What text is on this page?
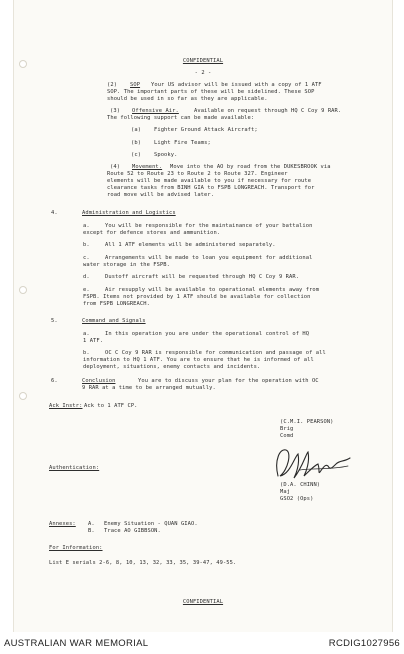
CONFIDENTIAL
- 2 -
(2) SOP Your US advisor will be issued with a copy of 1 ATF
SOP. The important parts of these will be sidelined. These SOP
should be used in so far as they are applicable.
(3) Offensive Air.	Available on request through HQ C Coy 9 RAR.
The following support can be made available:
(a) Fighter Ground Attack Aircraft;
(b) Light Fire Teams;
(c) Spooky.
(4) Movement. Move into the AO by road from the DUKESBROOK via
Route 52 to Route 23 to Route 2 to Route 327. Engineer
elements will be made available to you if necessary for route
clearance tasks from BINH GIA to FSPB LONGREACH. Transport for
road move will be advised later.
4.	Administration and Logistics
a.	You will be responsible for the maintainance of your battalion
except for defence stores and ammunition.
b.	All 1 ATF elements will be administered separately.
c.	Arrangements will be made to loan you equipment for additional
water storage in the FSPB.
d.	Dustoff aircraft will be requested through HQ C Coy 9 RAR.
e.	Air resupply will be available to operational elements away from
FSPB. Items not provided by 1 ATF should be available for collection
from FSPB LONGREACH.
5.	Command and Signals
a.	In this operation you are under the operational control of HQ
1 ATF.
b.	OC C Coy 9 RAR is responsible for communication and passage of all
information to HQ 1 ATF. You are to ensure that he is informed of all
deployment, situations, enemy contacts and incidents.
6.	Conclusion	You are to discuss your plan for the operation with OC
9 RAR at a time to be arranged mutually.
Ack Instr: Ack to 1 ATF CP.
(C.M.I. PEARSON)
Brig
Comd
Authentication:
(D.A. CHINN)
Maj
GSO2 (Ops)
Annexes: A. Enemy Situation - QUAN GIAO.
B. Trace AO GIBBSON.
For Information:
List E serials 2-6, 8, 10, 13, 32, 33, 35, 39-47, 49-55.
CONFIDENTIAL
AUSTRALIAN WAR MEMORIAL	RCDIG1027956
